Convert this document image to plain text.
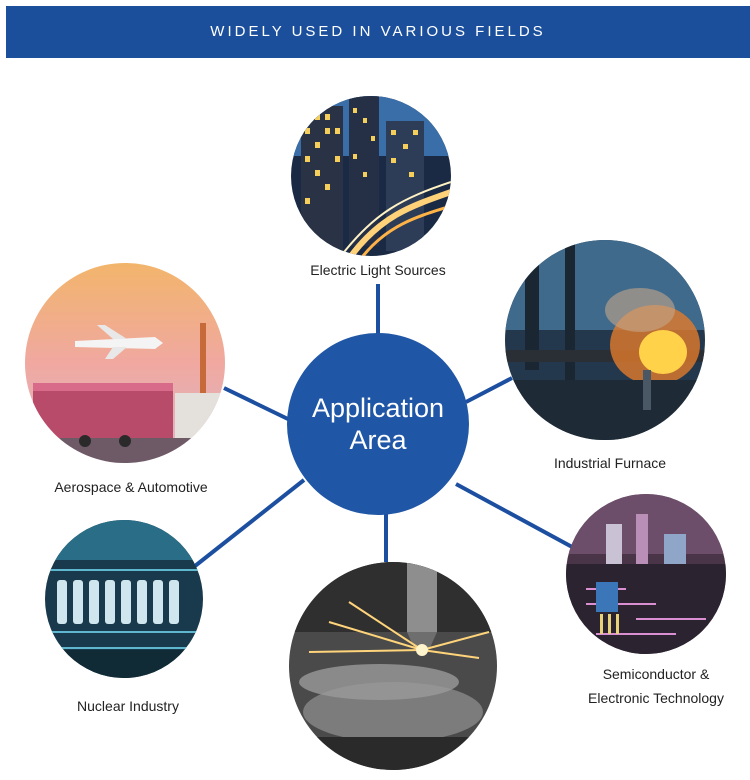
WIDELY USED IN VARIOUS FIELDS
Application
Area
Electric Light Sources
Industrial Furnace
Semiconductor &
Electronic Technology
Aerospace & Automotive
Nuclear Industry
